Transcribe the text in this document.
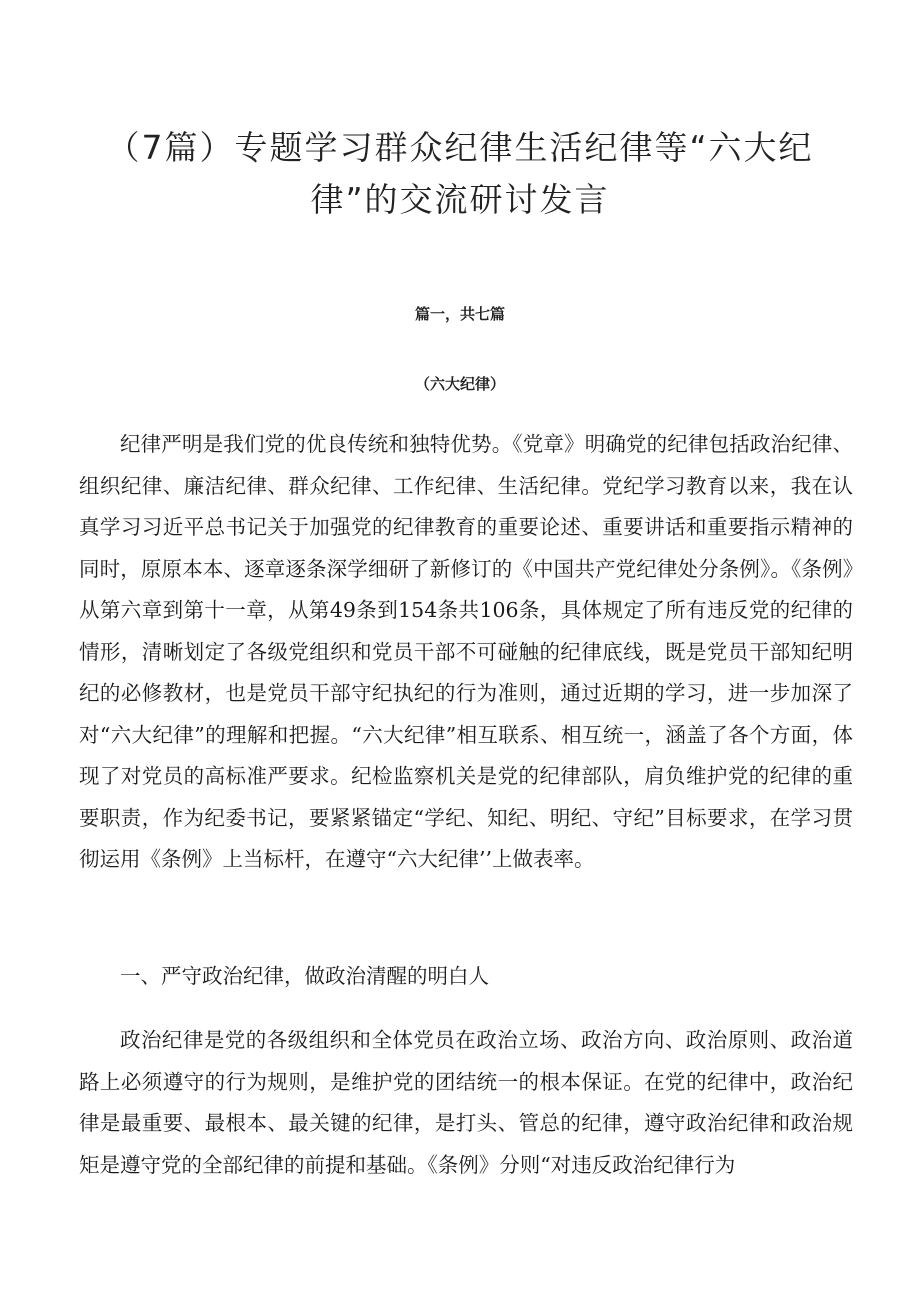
（7篇）专题学习群众纪律生活纪律等“六大纪
律”的交流研讨发言

篇一，共七篇

（六大纪律）

纪律严明是我们党的优良传统和独特优势。《党章》明确党的纪律包括政治纪律、组织纪律、廉洁纪律、群众纪律、工作纪律、生活纪律。党纪学习教育以来，我在认真学习习近平总书记关于加强党的纪律教育的重要论述、重要讲话和重要指示精神的同时，原原本本、逐章逐条深学细研了新修订的《中国共产党纪律处分条例》。《条例》从第六章到第十一章，从第49条到154条共106条，具体规定了所有违反党的纪律的情形，清晰划定了各级党组织和党员干部不可碰触的纪律底线，既是党员干部知纪明纪的必修教材，也是党员干部守纪执纪的行为准则，通过近期的学习，进一步加深了对“六大纪律”的理解和把握。“六大纪律”相互联系、相互统一，涵盖了各个方面，体现了对党员的高标准严要求。纪检监察机关是党的纪律部队，肩负维护党的纪律的重要职责，作为纪委书记，要紧紧锚定“学纪、知纪、明纪、守纪”目标要求，在学习贯彻运用《条例》上当标杆，在遵守“六大纪律’’上做表率。

一、严守政治纪律，做政治清醒的明白人

政治纪律是党的各级组织和全体党员在政治立场、政治方向、政治原则、政治道路上必须遵守的行为规则，是维护党的团结统一的根本保证。在党的纪律中，政治纪律是最重要、最根本、最关键的纪律，是打头、管总的纪律，遵守政治纪律和政治规矩是遵守党的全部纪律的前提和基础。《条例》分则“对违反政治纪律行为
